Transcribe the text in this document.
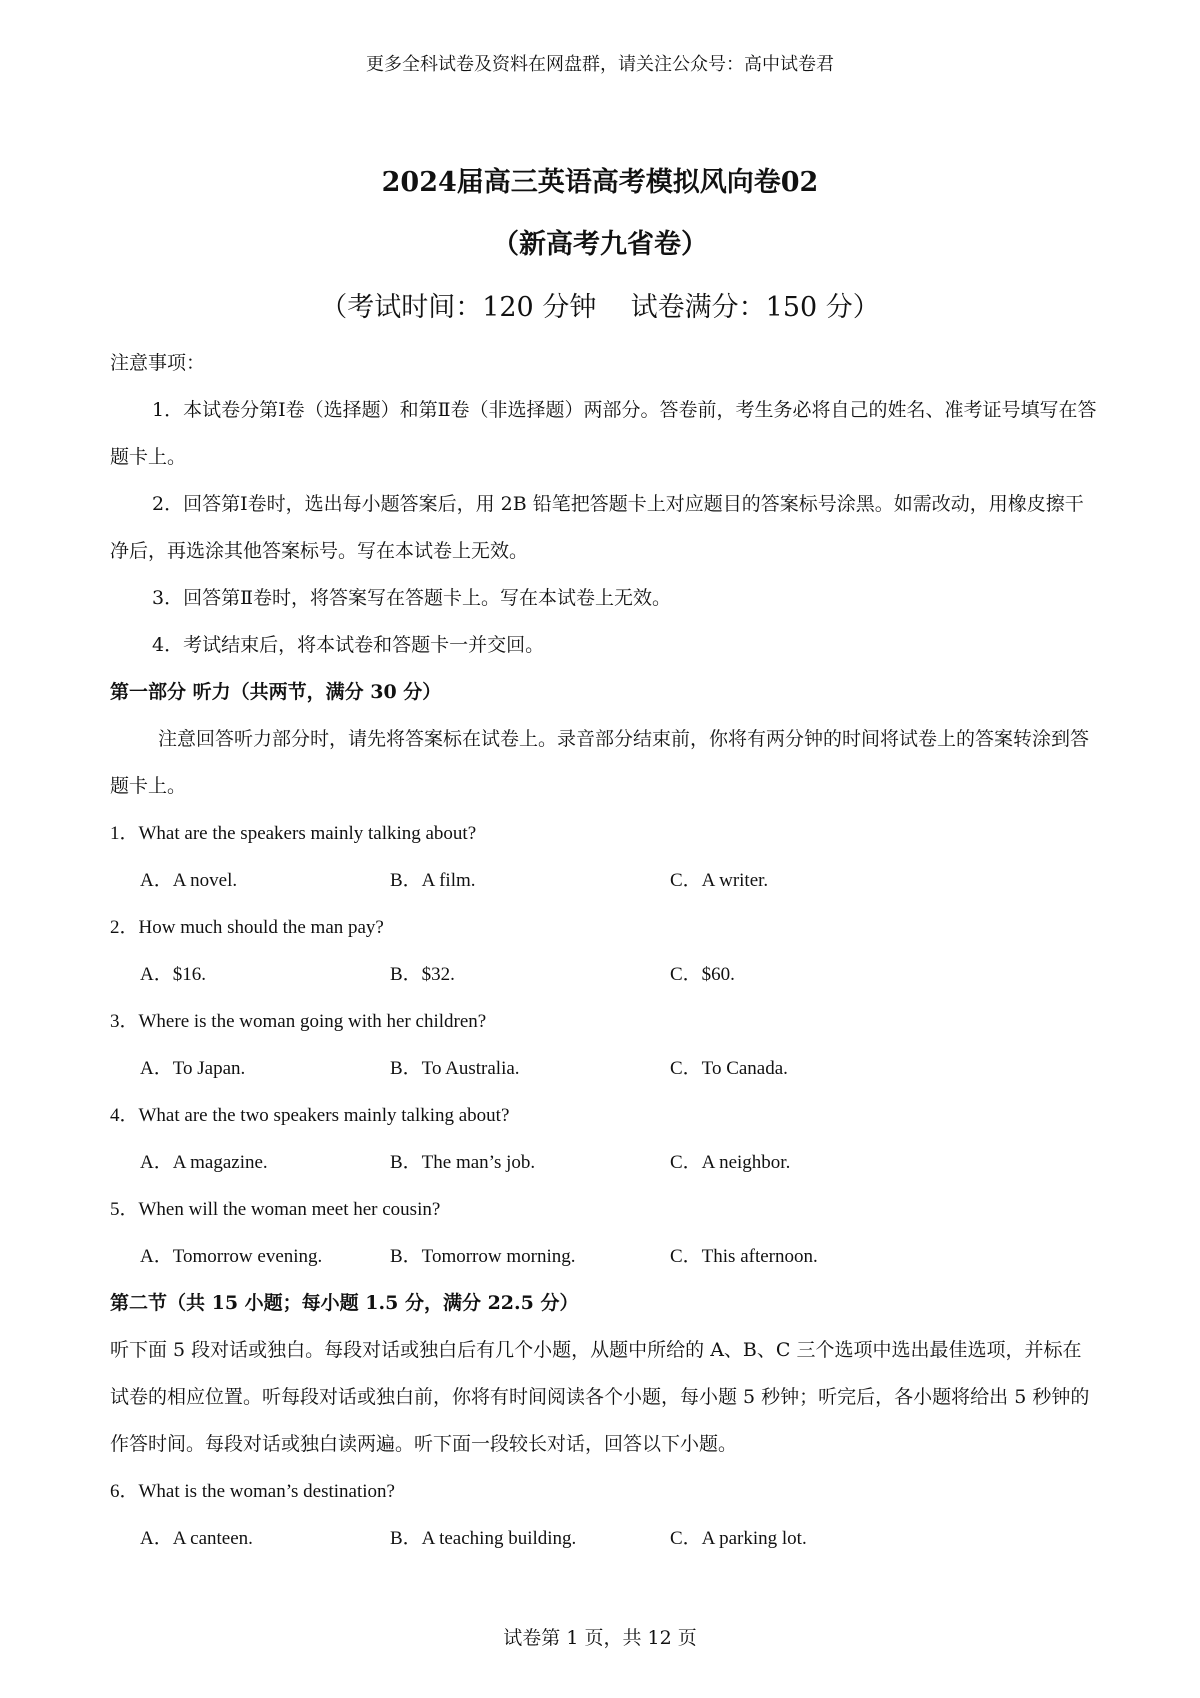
更多全科试卷及资料在网盘群，请关注公众号：高中试卷君
2024届高三英语高考模拟风向卷02
（新高考九省卷）
（考试时间：120 分钟    试卷满分：150 分）
注意事项：
1．本试卷分第Ⅰ卷（选择题）和第Ⅱ卷（非选择题）两部分。答卷前，考生务必将自己的姓名、准考证号填写在答题卡上。
2．回答第Ⅰ卷时，选出每小题答案后，用 2B 铅笔把答题卡上对应题目的答案标号涂黑。如需改动，用橡皮擦干净后，再选涂其他答案标号。写在本试卷上无效。
3．回答第Ⅱ卷时，将答案写在答题卡上。写在本试卷上无效。
4．考试结束后，将本试卷和答题卡一并交回。
第一部分 听力（共两节，满分 30 分）
注意回答听力部分时，请先将答案标在试卷上。录音部分结束前，你将有两分钟的时间将试卷上的答案转涂到答题卡上。
1．What are the speakers mainly talking about?
A．A novel.	B．A film.	C．A writer.
2．How much should the man pay?
A．$16.	B．$32.	C．$60.
3．Where is the woman going with her children?
A．To Japan.	B．To Australia.	C．To Canada.
4．What are the two speakers mainly talking about?
A．A magazine.	B．The man’s job.	C．A neighbor.
5．When will the woman meet her cousin?
A．Tomorrow evening.	B．Tomorrow morning.	C．This afternoon.
第二节（共 15 小题；每小题 1.5 分，满分 22.5 分）
听下面 5 段对话或独白。每段对话或独白后有几个小题，从题中所给的 A、B、C 三个选项中选出最佳选项，并标在试卷的相应位置。听每段对话或独白前，你将有时间阅读各个小题，每小题 5 秒钟；听完后，各小题将给出 5 秒钟的作答时间。每段对话或独白读两遍。听下面一段较长对话，回答以下小题。
6．What is the woman’s destination?
A．A canteen.	B．A teaching building.	C．A parking lot.
试卷第 1 页，共 12 页
